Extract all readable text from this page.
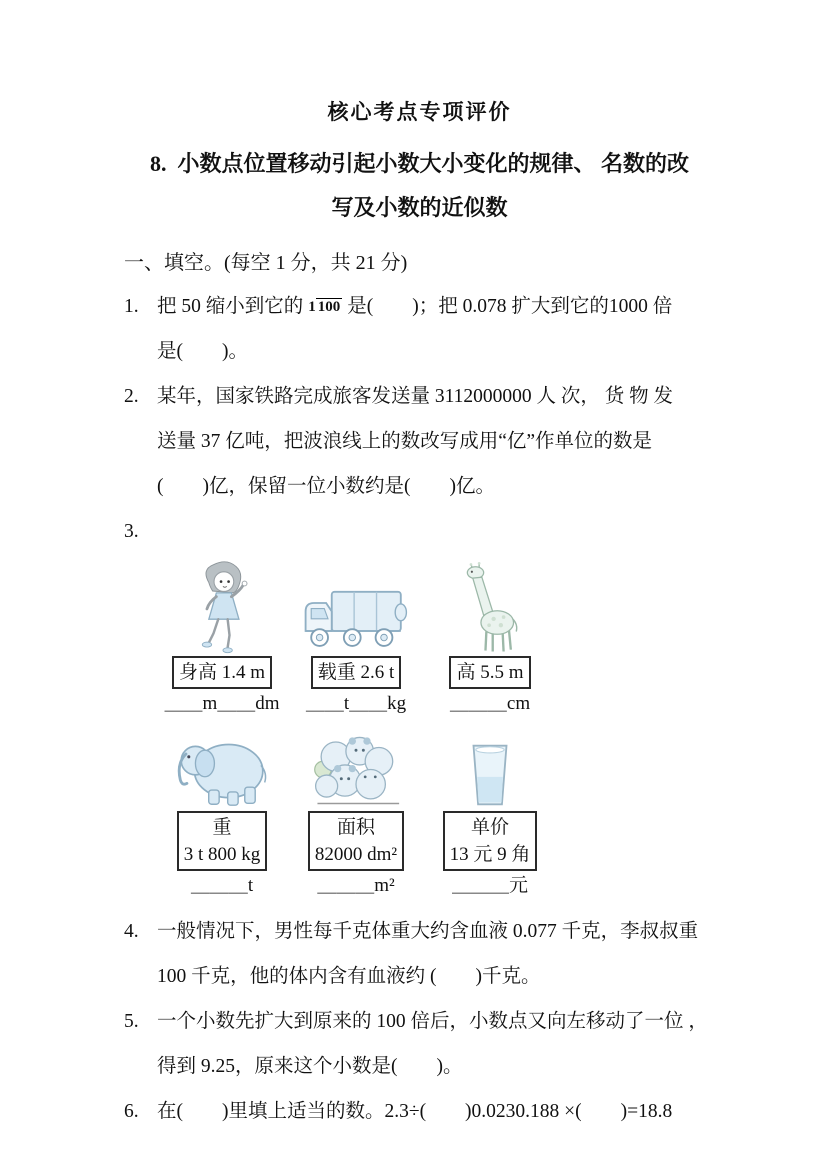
核心考点专项评价
8. 小数点位置移动引起小数大小变化的规律、 名数的改
写及小数的近似数
一、填空。(每空 1 分，共 21 分)
1. 把 50 缩小到它的 1 100 是(　　)；把 0.078 扩大到它的1000 倍
是(　　)。
2. 某年，国家铁路完成旅客发送量 3112000000 人 次， 货 物 发
送量 37 亿吨，把波浪线上的数改写成用“亿”作单位的数是
(　　)亿，保留一位小数约是(　　)亿。
3.
身高 1.4 m
＿＿m＿＿dm
载重 2.6 t
＿＿t＿＿kg
高 5.5 m
＿＿＿cm
重
3 t 800 kg
＿＿＿t
面积
82000 dm²
＿＿＿m²
单价
13 元 9 角
＿＿＿元
4. 一般情况下，男性每千克体重大约含血液 0.077 千克，李叔叔重
100 千克，他的体内含有血液约 (　　)千克。
5. 一个小数先扩大到原来的 100 倍后，小数点又向左移动了一位 ，
得到 9.25，原来这个小数是(　　)。
6. 在(　　)里填上适当的数。2.3÷(　　)0.0230.188 ×(　　)=18.8
